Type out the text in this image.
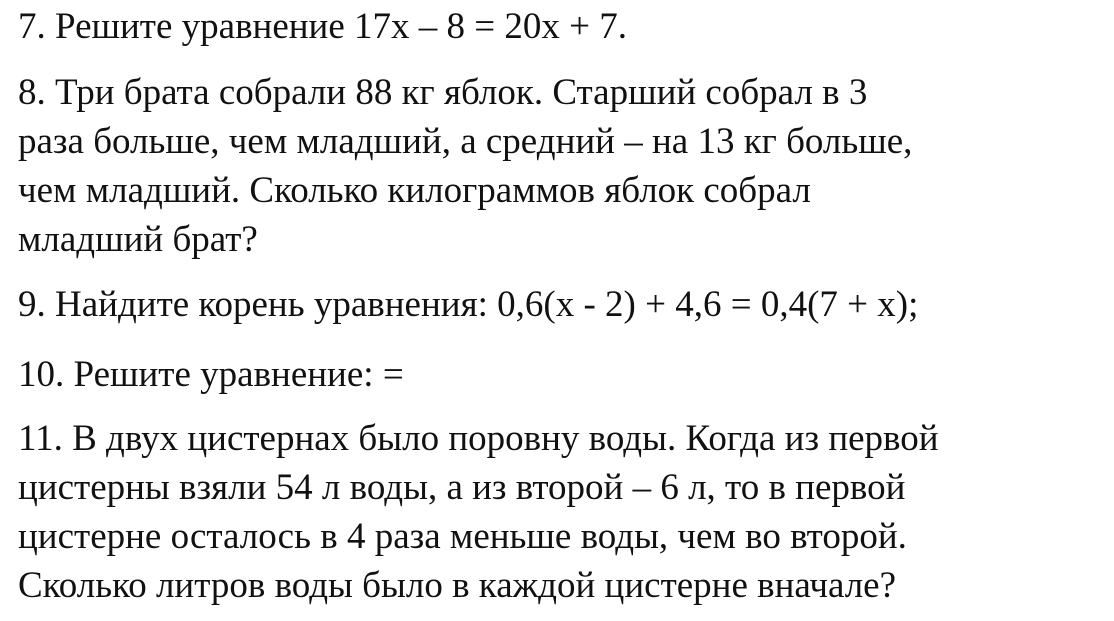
7. Решите уравнение 17х – 8 = 20х + 7.

8. Три брата собрали 88 кг яблок. Старший собрал в 3

раза больше, чем младший, а средний – на 13 кг больше,

чем младший. Сколько килограммов яблок собрал

младший брат?

9. Найдите корень уравнения: 0,6(х - 2) + 4,6 = 0,4(7 + х);

10. Решите уравнение: =

11. В двух цистернах было поровну воды. Когда из первой

цистерны взяли 54 л воды, а из второй – 6 л, то в первой

цистерне осталось в 4 раза меньше воды, чем во второй.

Сколько литров воды было в каждой цистерне вначале?
